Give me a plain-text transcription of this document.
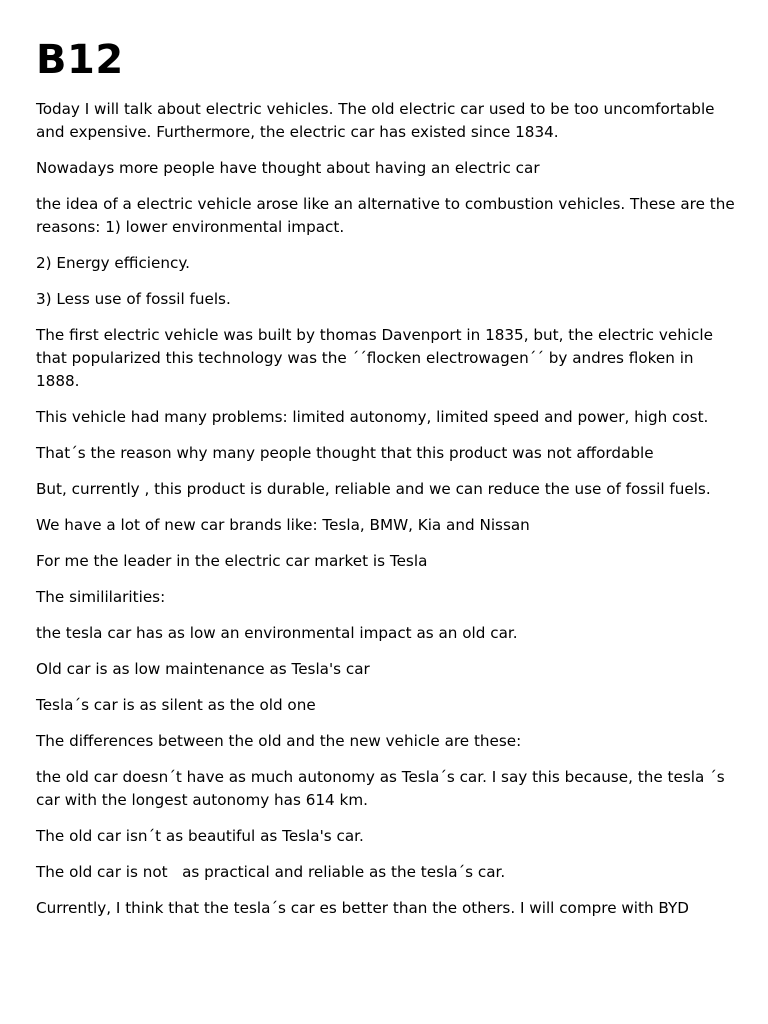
B12

Today I will talk about electric vehicles. The old electric car used to be too uncomfortable and expensive. Furthermore, the electric car has existed since 1834.

Nowadays more people have thought about having an electric car

the idea of a electric vehicle arose like an alternative to combustion vehicles. These are the reasons: 1) lower environmental impact.

2) Energy efficiency.

3) Less use of fossil fuels.

The first electric vehicle was built by thomas Davenport in 1835, but, the electric vehicle that popularized this technology was the ´´flocken electrowagen´´ by andres floken in 1888.

This vehicle had many problems: limited autonomy, limited speed and power, high cost.

That´s the reason why many people thought that this product was not affordable

But, currently , this product is durable, reliable and we can reduce the use of fossil fuels.

We have a lot of new car brands like: Tesla, BMW, Kia and Nissan

For me the leader in the electric car market is Tesla

The simililarities:

the tesla car has as low an environmental impact as an old car.

Old car is as low maintenance as Tesla's car

Tesla´s car is as silent as the old one

The differences between the old and the new vehicle are these:

the old car doesn´t have as much autonomy as Tesla´s car. I say this because, the tesla ´s car with the longest autonomy has 614 km.

The old car isn´t as beautiful as Tesla's car.

The old car is not   as practical and reliable as the tesla´s car.

Currently, I think that the tesla´s car es better than the others. I will compre with BYD
